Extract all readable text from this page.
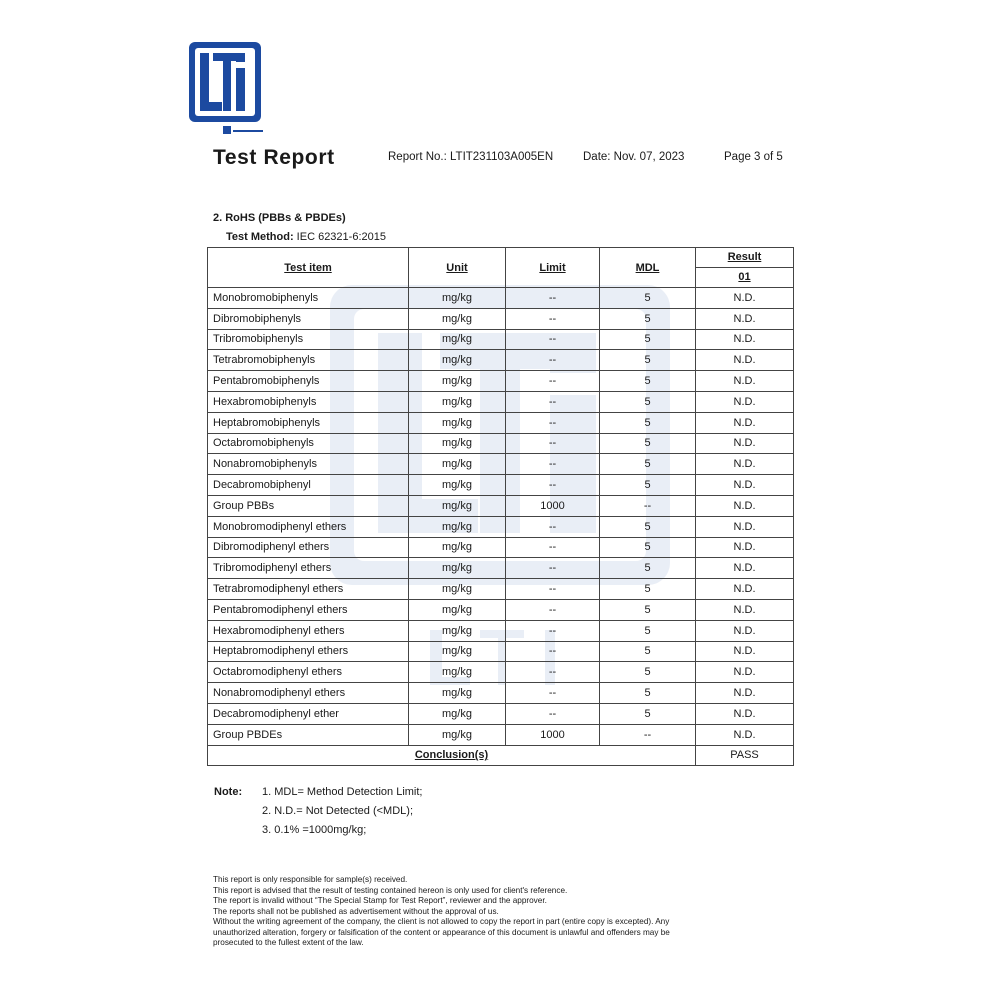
Test Report	Report No.: LTIT231103A005EN	Date: Nov. 07, 2023	Page 3 of 5
2. RoHS (PBBs & PBDEs)
Test Method: IEC 62321-6:2015
Test item	Unit	Limit	MDL	Result
01

Monobromobiphenyls	mg/kg	--	5	N.D.
Dibromobiphenyls	mg/kg	--	5	N.D.
Tribromobiphenyls	mg/kg	--	5	N.D.
Tetrabromobiphenyls	mg/kg	--	5	N.D.
Pentabromobiphenyls	mg/kg	--	5	N.D.
Hexabromobiphenyls	mg/kg	--	5	N.D.
Heptabromobiphenyls	mg/kg	--	5	N.D.
Octabromobiphenyls	mg/kg	--	5	N.D.
Nonabromobiphenyls	mg/kg	--	5	N.D.
Decabromobiphenyl	mg/kg	--	5	N.D.
Group PBBs	mg/kg	1000	--	N.D.
Monobromodiphenyl ethers	mg/kg	--	5	N.D.
Dibromodiphenyl ethers	mg/kg	--	5	N.D.
Tribromodiphenyl ethers	mg/kg	--	5	N.D.
Tetrabromodiphenyl ethers	mg/kg	--	5	N.D.
Pentabromodiphenyl ethers	mg/kg	--	5	N.D.
Hexabromodiphenyl ethers	mg/kg	--	5	N.D.
Heptabromodiphenyl ethers	mg/kg	--	5	N.D.
Octabromodiphenyl ethers	mg/kg	--	5	N.D.
Nonabromodiphenyl ethers	mg/kg	--	5	N.D.
Decabromodiphenyl ether	mg/kg	--	5	N.D.
Group PBDEs	mg/kg	1000	--	N.D.
Conclusion(s)				PASS
Note: 1. MDL= Method Detection Limit;
2. N.D.= Not Detected (<MDL);
3. 0.1% =1000mg/kg;
This report is only responsible for sample(s) received.
This report is advised that the result of testing contained hereon is only used for client's reference.
The report is invalid without “The Special Stamp for Test Report”, reviewer and the approver.
The reports shall not be published as advertisement without the approval of us.
Without the writing agreement of the company, the client is not allowed to copy the report in part (entire copy is excepted). Any
unauthorized alteration, forgery or falsification of the content or appearance of this document is unlawful and offenders may be
prosecuted to the fullest extent of the law.
